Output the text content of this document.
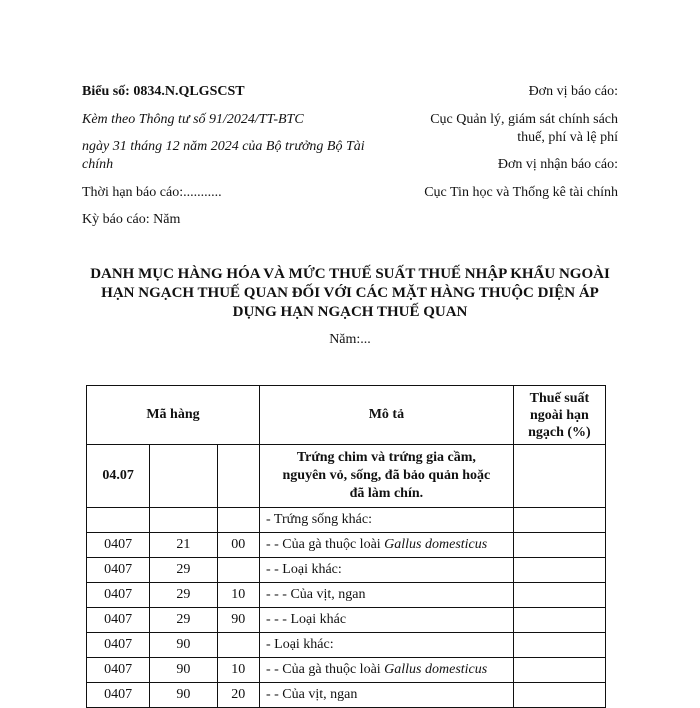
Biểu số: 0834.N.QLGSCST
Kèm theo Thông tư số 91/2024/TT-BTC
ngày 31 tháng 12 năm 2024 của Bộ trưởng Bộ Tài
chính
Thời hạn báo cáo:...........
Kỳ báo cáo: Năm
Đơn vị báo cáo:
Cục Quản lý, giám sát chính sách
thuế, phí và lệ phí
Đơn vị nhận báo cáo:
Cục Tin học và Thống kê tài chính
DANH MỤC HÀNG HÓA VÀ MỨC THUẾ SUẤT THUẾ NHẬP KHẨU NGOÀI
HẠN NGẠCH THUẾ QUAN ĐỐI VỚI CÁC MẶT HÀNG THUỘC DIỆN ÁP
DỤNG HẠN NGẠCH THUẾ QUAN
Năm:...
Mã hàng			Mô tả	Thuế suất
ngoài hạn
ngạch (%)

04.07			Trứng chim và trứng gia cầm,
nguyên vỏ, sống, đã bảo quản hoặc
đã làm chín.	

			- Trứng sống khác:	
0407	21	00	- - Của gà thuộc loài Gallus domesticus	
0407	29		- - Loại khác:	
0407	29	10	- - - Của vịt, ngan	
0407	29	90	- - - Loại khác	
0407	90		- Loại khác:	
0407	90	10	- - Của gà thuộc loài Gallus domesticus	
0407	90	20	- - Của vịt, ngan	
